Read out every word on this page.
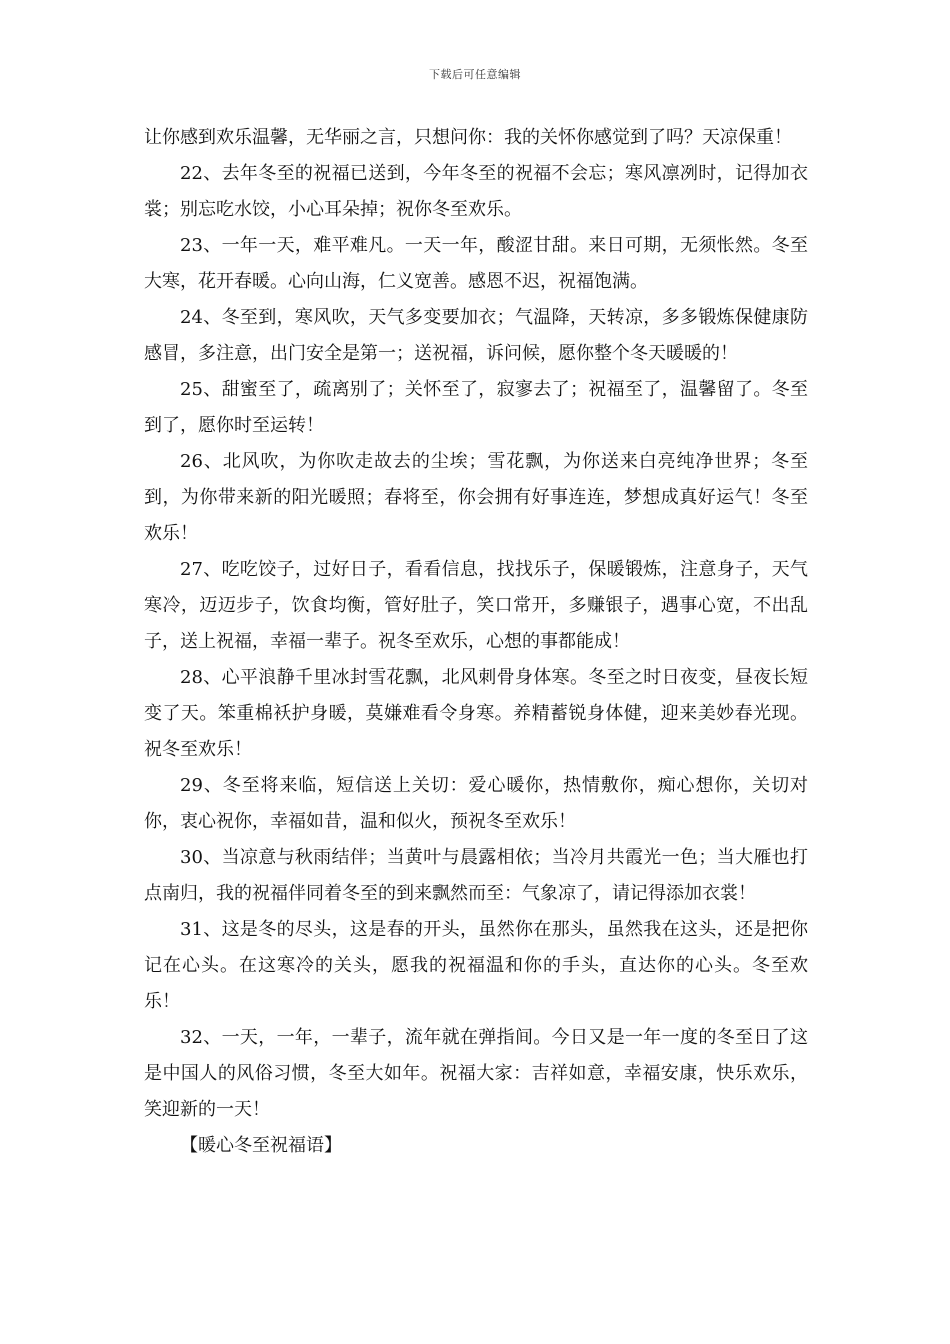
下载后可任意编辑

让你感到欢乐温馨，无华丽之言，只想问你：我的关怀你感觉到了吗？天凉保重！

22、去年冬至的祝福已送到，今年冬至的祝福不会忘；寒风凛冽时，记得加衣裳；别忘吃水饺，小心耳朵掉；祝你冬至欢乐。

23、一年一天，难平难凡。一天一年，酸涩甘甜。来日可期，无须怅然。冬至大寒，花开春暖。心向山海，仁义宽善。感恩不迟，祝福饱满。

24、冬至到，寒风吹，天气多变要加衣；气温降，天转凉，多多锻炼保健康防感冒，多注意，出门安全是第一；送祝福，诉问候，愿你整个冬天暖暖的！

25、甜蜜至了，疏离别了；关怀至了，寂寥去了；祝福至了，温馨留了。冬至到了，愿你时至运转！

26、北风吹，为你吹走故去的尘埃；雪花飘，为你送来白亮纯净世界；冬至到，为你带来新的阳光暖照；春将至，你会拥有好事连连，梦想成真好运气！冬至欢乐！

27、吃吃饺子，过好日子，看看信息，找找乐子，保暖锻炼，注意身子，天气寒冷，迈迈步子，饮食均衡，管好肚子，笑口常开，多赚银子，遇事心宽，不出乱子，送上祝福，幸福一辈子。祝冬至欢乐，心想的事都能成！

28、心平浪静千里冰封雪花飘，北风刺骨身体寒。冬至之时日夜变，昼夜长短变了天。笨重棉袄护身暖，莫嫌难看令身寒。养精蓄锐身体健，迎来美妙春光现。祝冬至欢乐！

29、冬至将来临，短信送上关切：爱心暖你，热情敷你，痴心想你，关切对你，衷心祝你，幸福如昔，温和似火，预祝冬至欢乐！

30、当凉意与秋雨结伴；当黄叶与晨露相依；当冷月共霞光一色；当大雁也打点南归，我的祝福伴同着冬至的到来飘然而至：气象凉了，请记得添加衣裳！

31、这是冬的尽头，这是春的开头，虽然你在那头，虽然我在这头，还是把你记在心头。在这寒冷的关头，愿我的祝福温和你的手头，直达你的心头。冬至欢乐！

32、一天，一年，一辈子，流年就在弹指间。今日又是一年一度的冬至日了这是中国人的风俗习惯，冬至大如年。祝福大家：吉祥如意，幸福安康，快乐欢乐，笑迎新的一天！

【暖心冬至祝福语】
